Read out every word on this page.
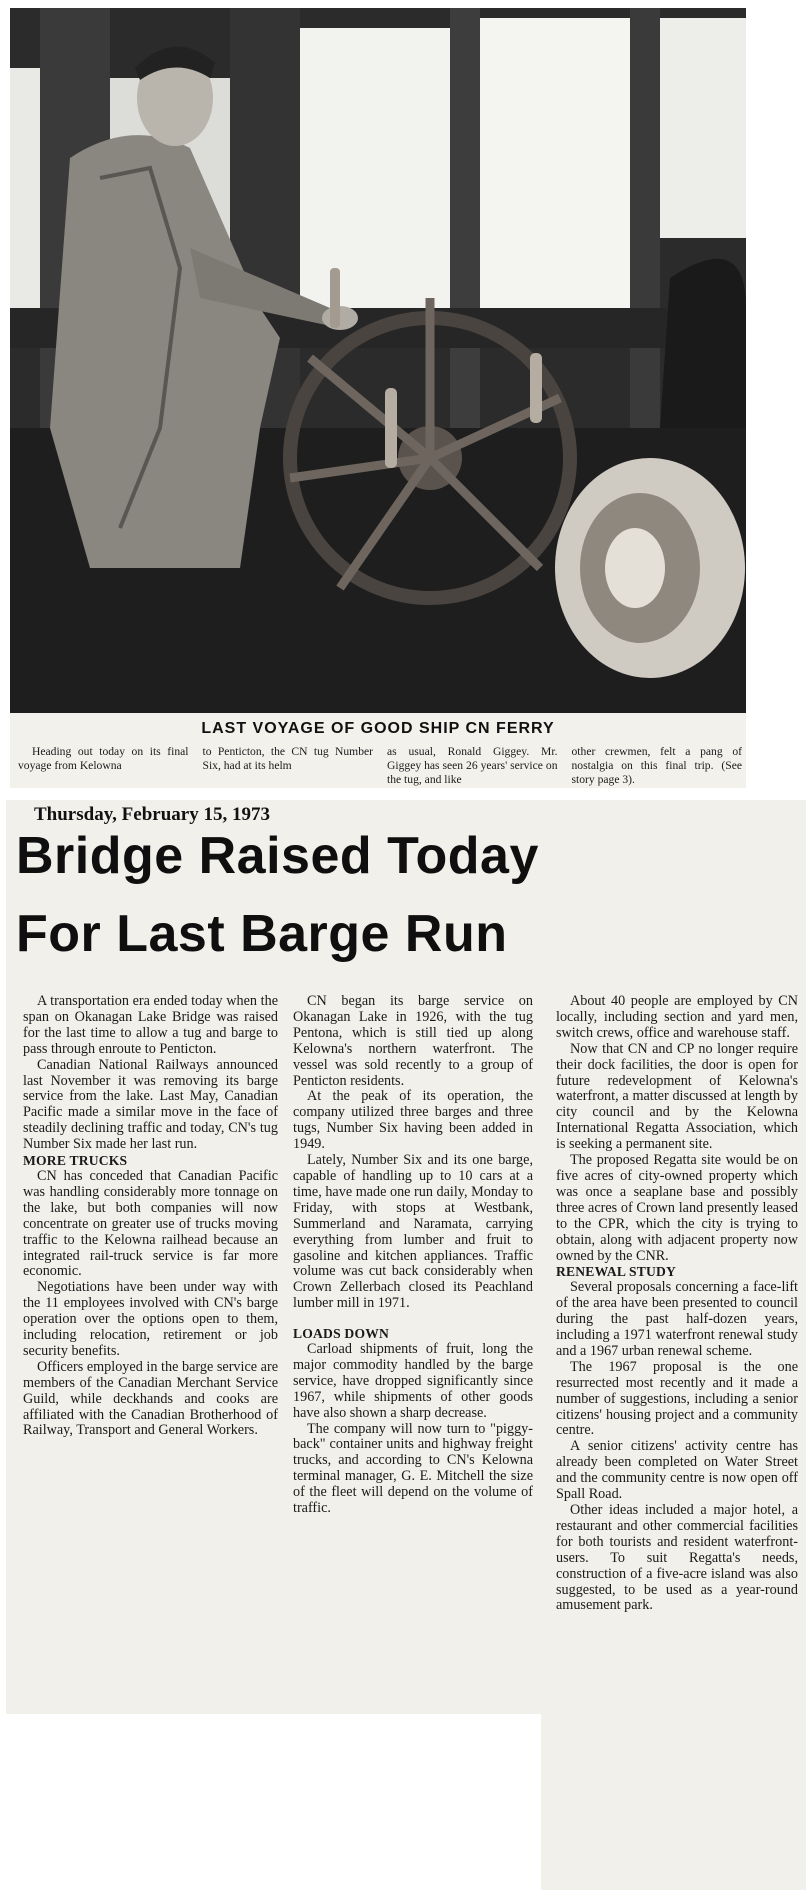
LAST VOYAGE OF GOOD SHIP CN FERRY

Heading out today on its final voyage from Kelowna

to Penticton, the CN tug Number Six, had at its helm

as usual, Ronald Giggey. Mr. Giggey has seen 26 years' service on the tug, and like

other crewmen, felt a pang of nostalgia on this final trip. (See story page 3).

Thursday, February 15, 1973
Bridge Raised Today
For Last Barge Run

A transportation era ended today when the span on Okanagan Lake Bridge was raised for the last time to allow a tug and barge to pass through enroute to Penticton.

Canadian National Railways announced last November it was removing its barge service from the lake. Last May, Canadian Pacific made a similar move in the face of steadily declining traffic and today, CN's tug Number Six made her last run.

MORE TRUCKS

CN has conceded that Canadian Pacific was handling considerably more tonnage on the lake, but both companies will now concentrate on greater use of trucks moving traffic to the Kelowna railhead because an integrated rail-truck service is far more economic.

Negotiations have been under way with the 11 employees involved with CN's barge operation over the options open to them, including relocation, retirement or job security benefits.

Officers employed in the barge service are members of the Canadian Merchant Service Guild, while deckhands and cooks are affiliated with the Canadian Brotherhood of Railway, Transport and General Workers.

CN began its barge service on Okanagan Lake in 1926, with the tug Pentona, which is still tied up along Kelowna's northern waterfront. The vessel was sold recently to a group of Penticton residents.

At the peak of its operation, the company utilized three barges and three tugs, Number Six having been added in 1949.

Lately, Number Six and its one barge, capable of handling up to 10 cars at a time, have made one run daily, Monday to Friday, with stops at Westbank, Summerland and Naramata, carrying everything from lumber and fruit to gasoline and kitchen appliances. Traffic volume was cut back considerably when Crown Zellerbach closed its Peachland lumber mill in 1971.

LOADS DOWN

Carload shipments of fruit, long the major commodity handled by the barge service, have dropped significantly since 1967, while shipments of other goods have also shown a sharp decrease.

The company will now turn to "piggy-back" container units and highway freight trucks, and according to CN's Kelowna terminal manager, G. E. Mitchell the size of the fleet will depend on the volume of traffic.

About 40 people are employed by CN locally, including section and yard men, switch crews, office and warehouse staff.

Now that CN and CP no longer require their dock facilities, the door is open for future redevelopment of Kelowna's waterfront, a matter discussed at length by city council and by the Kelowna International Regatta Association, which is seeking a permanent site.

The proposed Regatta site would be on five acres of city-owned property which was once a seaplane base and possibly three acres of Crown land presently leased to the CPR, which the city is trying to obtain, along with adjacent property now owned by the CNR.

RENEWAL STUDY

Several proposals concerning a face-lift of the area have been presented to council during the past half-dozen years, including a 1971 waterfront renewal study and a 1967 urban renewal scheme.

The 1967 proposal is the one resurrected most recently and it made a number of suggestions, including a senior citizens' housing project and a community centre.

A senior citizens' activity centre has already been completed on Water Street and the community centre is now open off Spall Road.

Other ideas included a major hotel, a restaurant and other commercial facilities for both tourists and resident waterfront-users. To suit Regatta's needs, construction of a five-acre island was also suggested, to be used as a year-round amusement park.
